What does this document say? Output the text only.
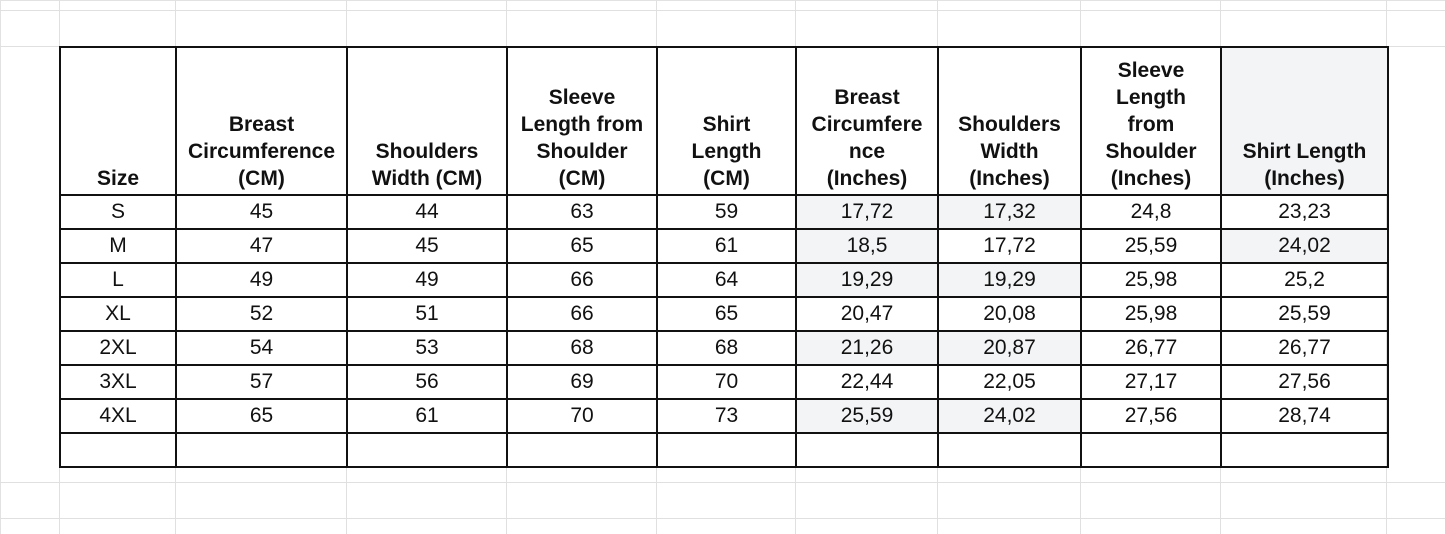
Size	Breast
Circumference
(CM)	Shoulders
Width (CM)	Sleeve
Length from
Shoulder
(CM)	Shirt
Length
(CM)	Breast
Circumfere
nce
(Inches)	Shoulders
Width
(Inches)	Sleeve
Length
from
Shoulder
(Inches)	Shirt Length
(Inches)

S	45	44	63	59	17,72	17,32	24,8	23,23
M	47	45	65	61	18,5	17,72	25,59	24,02
L	49	49	66	64	19,29	19,29	25,98	25,2
XL	52	51	66	65	20,47	20,08	25,98	25,59
2XL	54	53	68	68	21,26	20,87	26,77	26,77
3XL	57	56	69	70	22,44	22,05	27,17	27,56
4XL	65	61	70	73	25,59	24,02	27,56	28,74
